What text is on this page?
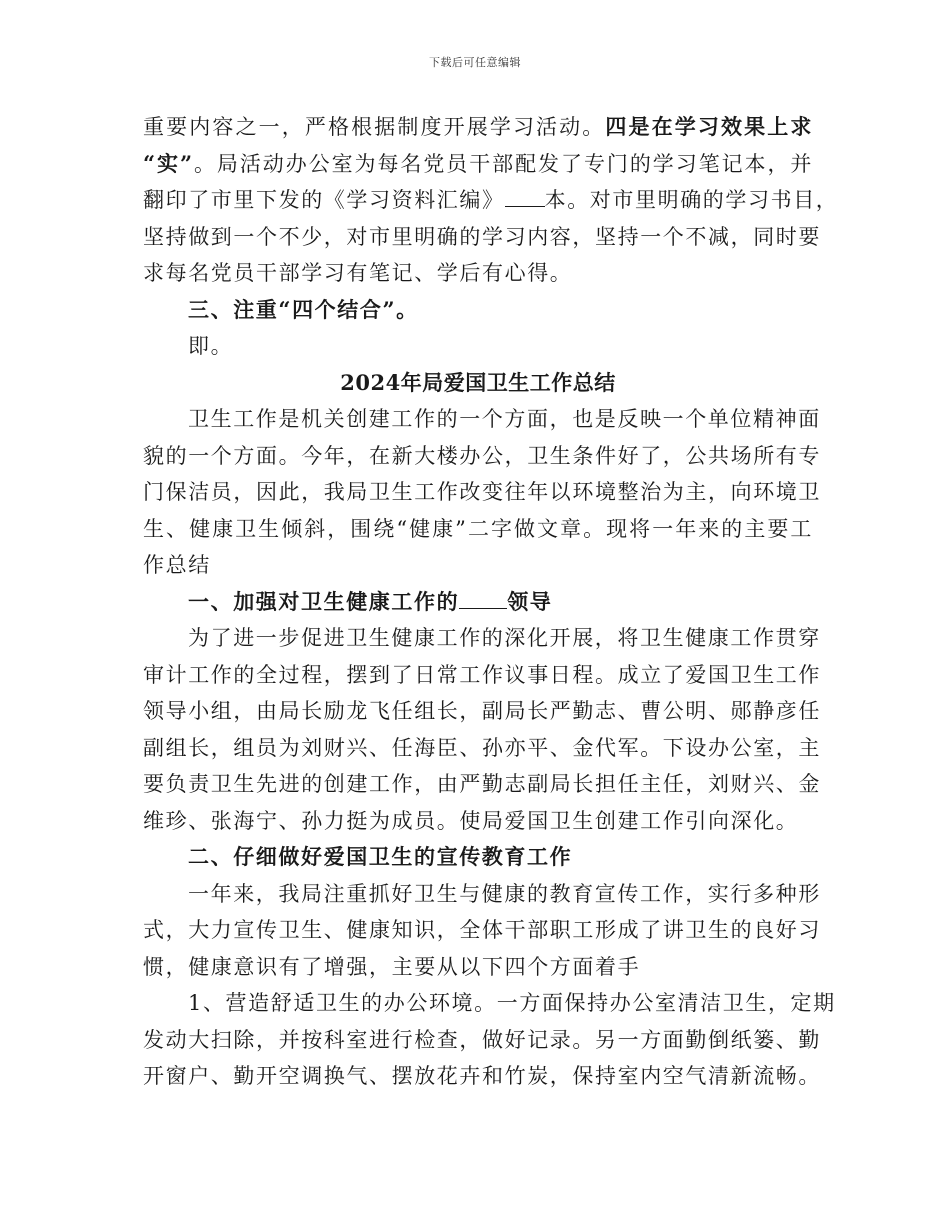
下载后可任意编辑
重要内容之一，严格根据制度开展学习活动。四是在学习效果上求
“实”。局活动办公室为每名党员干部配发了专门的学习笔记本，并
翻印了市里下发的《学习资料汇编》 本。对市里明确的学习书目，
坚持做到一个不少，对市里明确的学习内容，坚持一个不减，同时要
求每名党员干部学习有笔记、学后有心得。
三、注重“四个结合”。
即。
2024年局爱国卫生工作总结
卫生工作是机关创建工作的一个方面，也是反映一个单位精神面
貌的一个方面。今年，在新大楼办公，卫生条件好了，公共场所有专
门保洁员，因此，我局卫生工作改变往年以环境整治为主，向环境卫
生、健康卫生倾斜，围绕“健康”二字做文章。现将一年来的主要工
作总结
一、加强对卫生健康工作的 领导
为了进一步促进卫生健康工作的深化开展，将卫生健康工作贯穿
审计工作的全过程，摆到了日常工作议事日程。成立了爱国卫生工作
领导小组，由局长励龙飞任组长，副局长严勤志、曹公明、郧静彦任
副组长，组员为刘财兴、任海臣、孙亦平、金代军。下设办公室，主
要负责卫生先进的创建工作，由严勤志副局长担任主任，刘财兴、金
维珍、张海宁、孙力挺为成员。使局爱国卫生创建工作引向深化。
二、仔细做好爱国卫生的宣传教育工作
一年来，我局注重抓好卫生与健康的教育宣传工作，实行多种形
式，大力宣传卫生、健康知识，全体干部职工形成了讲卫生的良好习
惯，健康意识有了增强，主要从以下四个方面着手
1、营造舒适卫生的办公环境。一方面保持办公室清洁卫生，定期
发动大扫除，并按科室进行检查，做好记录。另一方面勤倒纸篓、勤
开窗户、勤开空调换气、摆放花卉和竹炭，保持室内空气清新流畅。
